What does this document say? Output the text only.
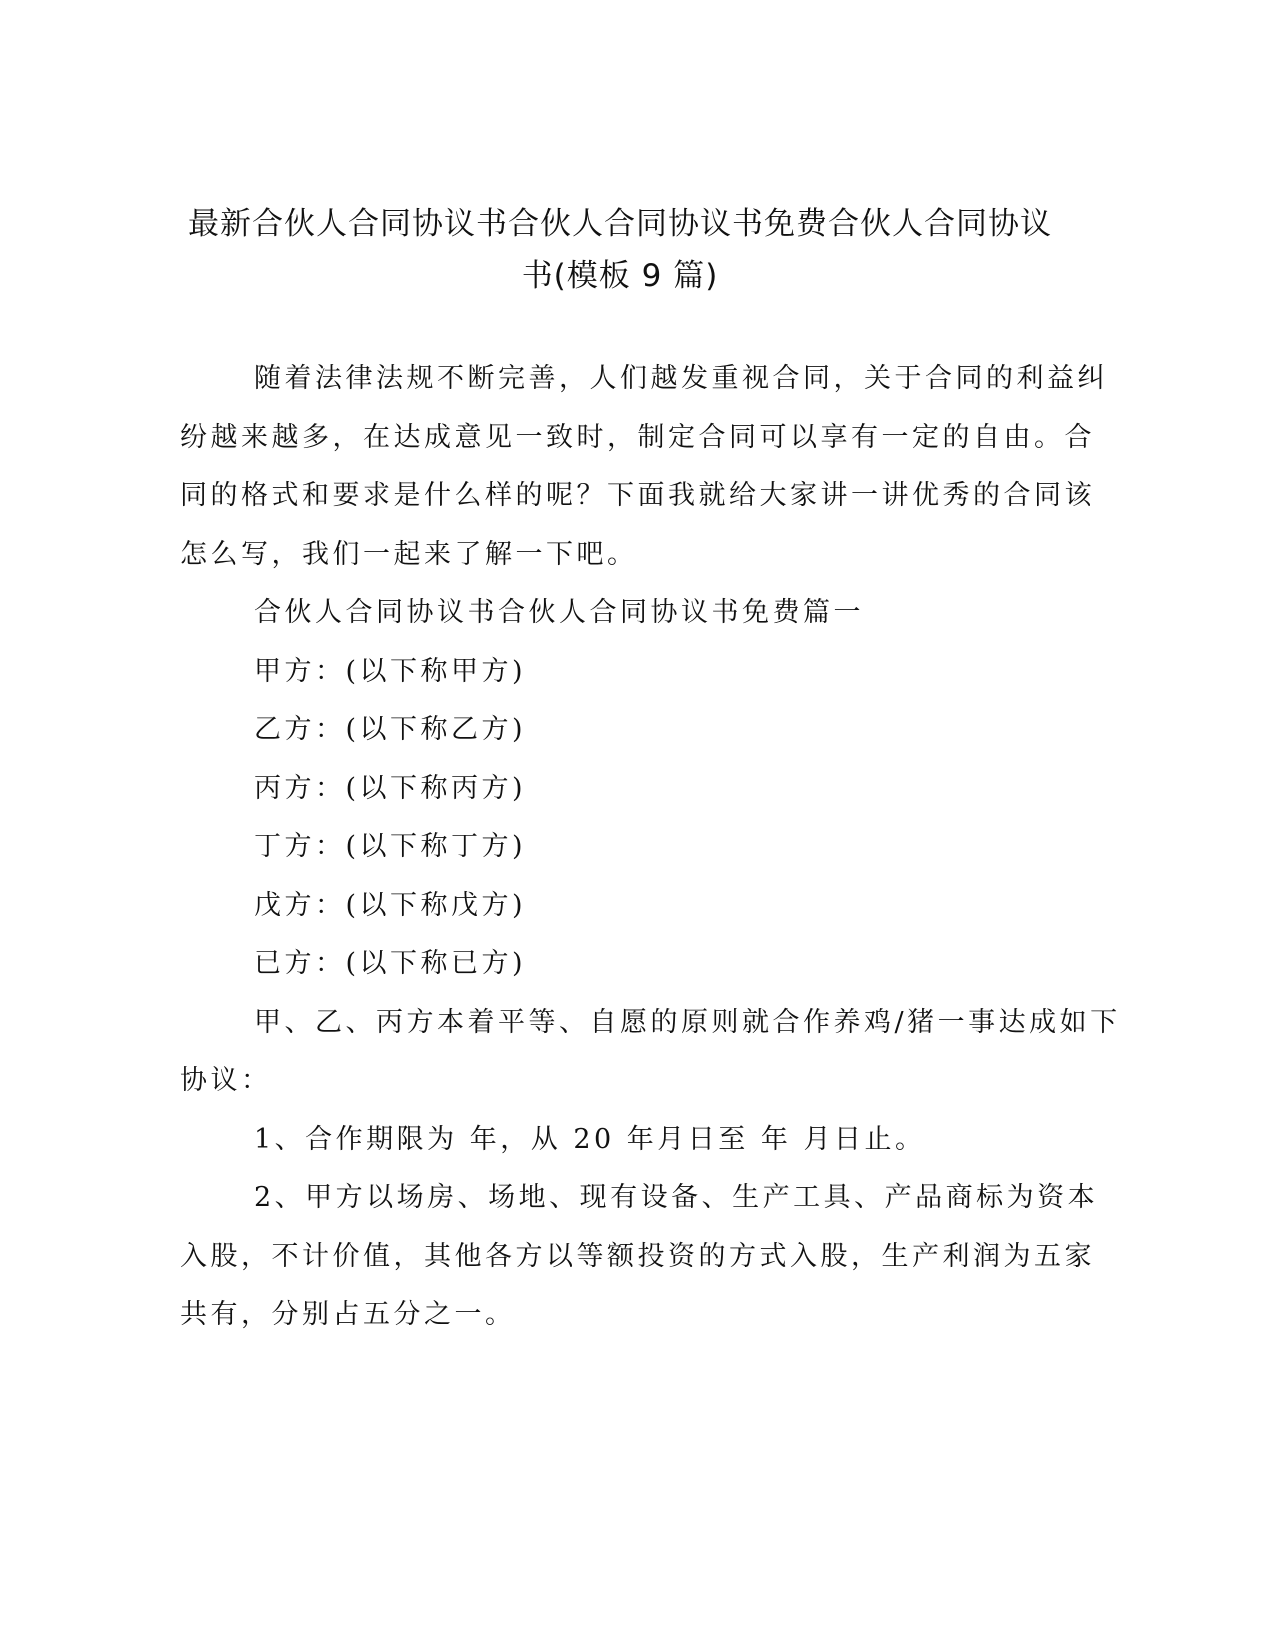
最新合伙人合同协议书合伙人合同协议书免费合伙人合同协议
书(模板 9 篇)
随着法律法规不断完善，人们越发重视合同，关于合同的利益纠
纷越来越多，在达成意见一致时，制定合同可以享有一定的自由。合
同的格式和要求是什么样的呢？下面我就给大家讲一讲优秀的合同该
怎么写，我们一起来了解一下吧。
合伙人合同协议书合伙人合同协议书免费篇一
甲方：(以下称甲方)
乙方：(以下称乙方)
丙方：(以下称丙方)
丁方：(以下称丁方)
戊方：(以下称戊方)
已方：(以下称已方)
甲、乙、丙方本着平等、自愿的原则就合作养鸡/猪一事达成如下
协议：
1、合作期限为 年，从 20 年月日至 年 月日止。
2、甲方以场房、场地、现有设备、生产工具、产品商标为资本
入股，不计价值，其他各方以等额投资的方式入股，生产利润为五家
共有，分别占五分之一。
